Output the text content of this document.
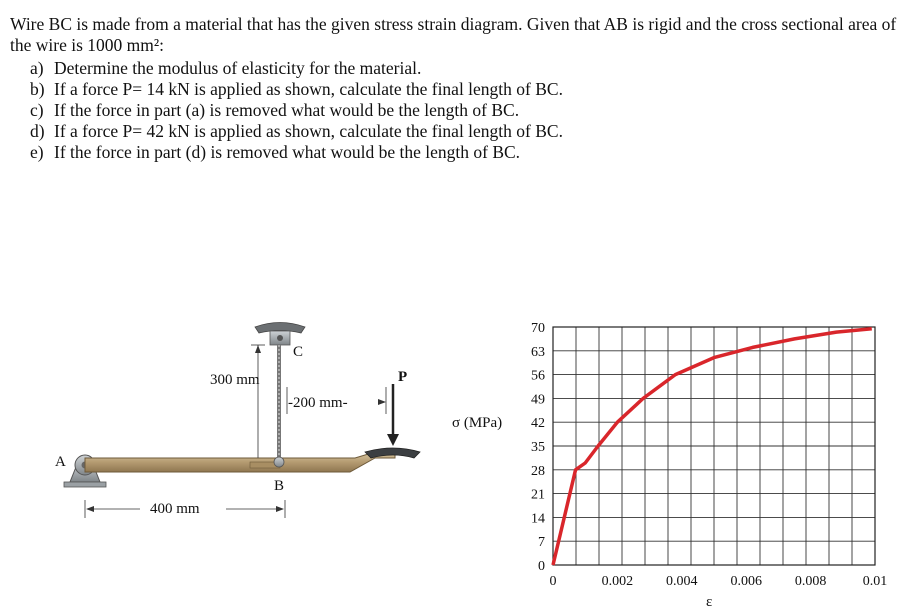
Wire BC is made from a material that has the given stress strain diagram. Given that AB is rigid and the cross sectional area of the wire is 1000 mm²:

a) Determine the modulus of elasticity for the material.
b) If a force P= 14 kN is applied as shown, calculate the final length of BC.
c) If the force in part (a) is removed what would be the length of BC.
d) If a force P= 42 kN is applied as shown, calculate the final length of BC.
e) If the force in part (d) is removed what would be the length of BC.
A
B
C
P
300 mm
-200 mm-
400 mm
0
7
14
21
28
35
42
49
56
63
70
0	0.002 0.004 0.006 0.008	0.01
σ (MPa)
ε
